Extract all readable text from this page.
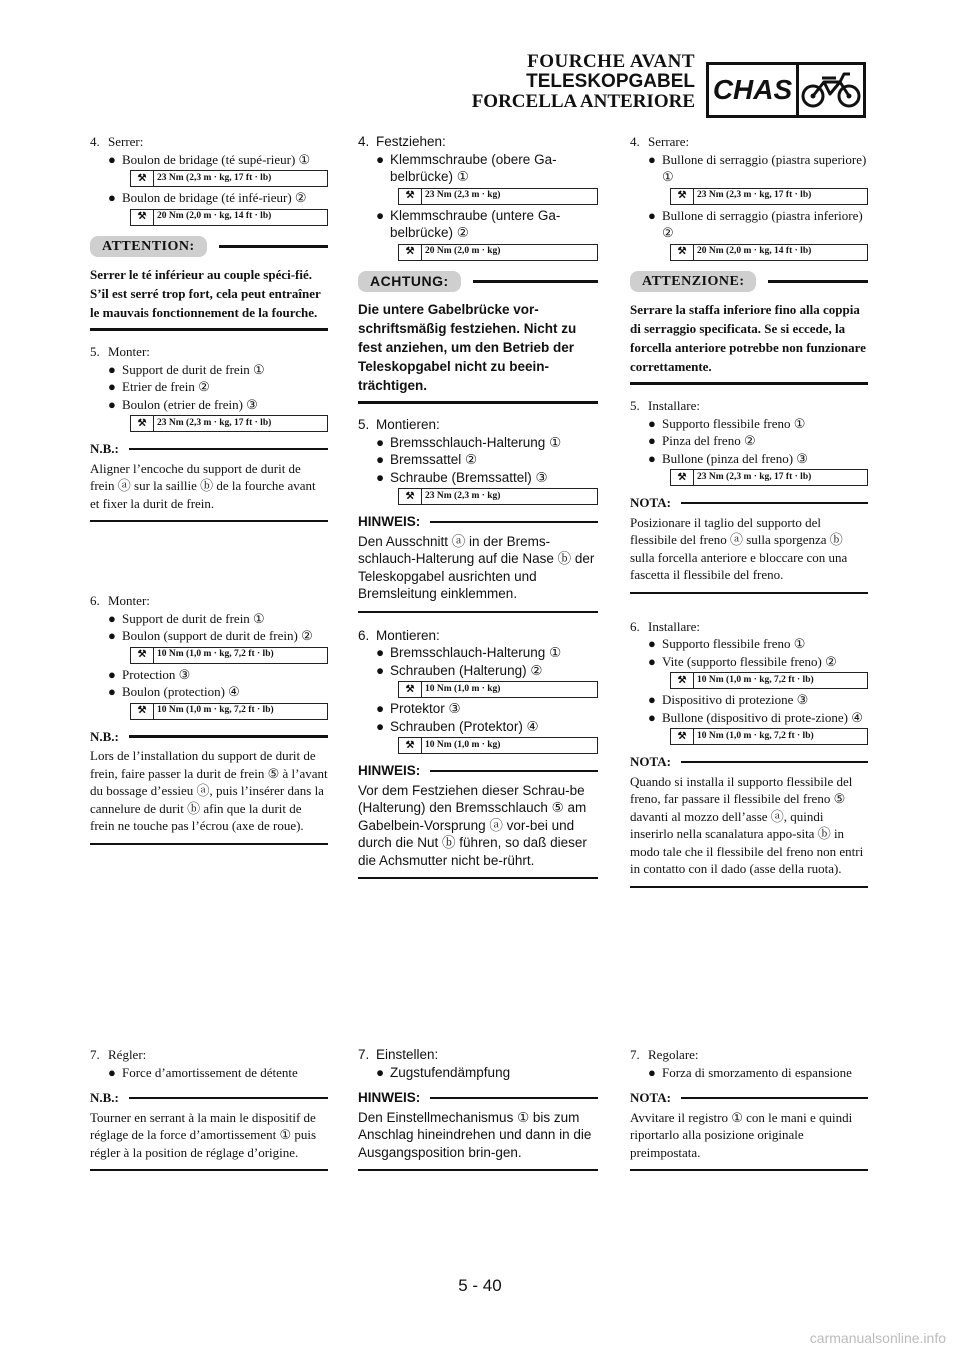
FOURCHE AVANT
TELESKOPGABEL
FORCELLA ANTERIORE CHAS
4. Serrer:
● Boulon de bridage (té supé-rieur) ①
⚒	23 Nm (2,3 m · kg, 17 ft · lb)
● Boulon de bridage (té infé-rieur) ②
⚒	20 Nm (2,0 m · kg, 14 ft · lb)
ATTENTION:
Serrer le té inférieur au couple spéci-fié. S’il est serré trop fort, cela peut entraîner le mauvais fonctionnement de la fourche.
5. Monter:
● Support de durit de frein ①
● Etrier de frein ②
● Boulon (etrier de frein) ③
⚒	23 Nm (2,3 m · kg, 17 ft · lb)
N.B.:
Aligner l’encoche du support de durit de frein ⓐ sur la saillie ⓑ de la fourche avant et fixer la durit de frein.
6. Monter:
● Support de durit de frein ①
● Boulon (support de durit de frein) ②
⚒	10 Nm (1,0 m · kg, 7,2 ft · lb)
● Protection ③
● Boulon (protection) ④
⚒	10 Nm (1,0 m · kg, 7,2 ft · lb)
N.B.:
Lors de l’installation du support de durit de frein, faire passer la durit de frein ⑤ à l’avant du bossage d’essieu ⓐ, puis l’insérer dans la cannelure de durit ⓑ afin que la durit de frein ne touche pas l’écrou (axe de roue).
7. Régler:
● Force d’amortissement de détente
N.B.:
Tourner en serrant à la main le dispositif de réglage de la force d’amortissement ① puis régler à la position de réglage d’origine.
4. Festziehen:
● Klemmschraube (obere Ga-belbrücke) ①
⚒	23 Nm (2,3 m · kg)
● Klemmschraube (untere Ga-belbrücke) ②
⚒	20 Nm (2,0 m · kg)
ACHTUNG:
Die untere Gabelbrücke vor-schriftsmäßig festziehen. Nicht zu fest anziehen, um den Betrieb der Teleskopgabel nicht zu beein-trächtigen.
5. Montieren:
● Bremsschlauch-Halterung ①
● Bremssattel ②
● Schraube (Bremssattel) ③
⚒	23 Nm (2,3 m · kg)
HINWEIS:
Den Ausschnitt ⓐ in der Brems-schlauch-Halterung auf die Nase ⓑ der Teleskopgabel ausrichten und Bremsleitung einklemmen.
6. Montieren:
● Bremsschlauch-Halterung ①
● Schrauben (Halterung) ②
⚒	10 Nm (1,0 m · kg)
● Protektor ③
● Schrauben (Protektor) ④
⚒	10 Nm (1,0 m · kg)
HINWEIS:
Vor dem Festziehen dieser Schrau-be (Halterung) den Bremsschlauch ⑤ am Gabelbein-Vorsprung ⓐ vor-bei und durch die Nut ⓑ führen, so daß dieser die Achsmutter nicht be-rührt.
7. Einstellen:
● Zugstufendämpfung
HINWEIS:
Den Einstellmechanismus ① bis zum Anschlag hineindrehen und dann in die Ausgangsposition brin-gen.
4. Serrare:
● Bullone di serraggio (piastra superiore) ①
⚒	23 Nm (2,3 m · kg, 17 ft · lb)
● Bullone di serraggio (piastra inferiore) ②
⚒	20 Nm (2,0 m · kg, 14 ft · lb)
ATTENZIONE:
Serrare la staffa inferiore fino alla coppia di serraggio specificata. Se si eccede, la forcella anteriore potrebbe non funzionare correttamente.
5. Installare:
● Supporto flessibile freno ①
● Pinza del freno ②
● Bullone (pinza del freno) ③
⚒	23 Nm (2,3 m · kg, 17 ft · lb)
NOTA:
Posizionare il taglio del supporto del flessibile del freno ⓐ sulla sporgenza ⓑ sulla forcella anteriore e bloccare con una fascetta il flessibile del freno.
6. Installare:
● Supporto flessibile freno ①
● Vite (supporto flessibile freno) ②
⚒	10 Nm (1,0 m · kg, 7,2 ft · lb)
● Dispositivo di protezione ③
● Bullone (dispositivo di prote-zione) ④
⚒	10 Nm (1,0 m · kg, 7,2 ft · lb)
NOTA:
Quando si installa il supporto flessibile del freno, far passare il flessibile del freno ⑤ davanti al mozzo dell’asse ⓐ, quindi inserirlo nella scanalatura appo-sita ⓑ in modo tale che il flessibile del freno non entri in contatto con il dado (asse della ruota).
7. Regolare:
● Forza di smorzamento di espansione
NOTA:
Avvitare il registro ① con le mani e quindi riportarlo alla posizione originale preimpostata.
5 - 40
carmanualsonline.info
